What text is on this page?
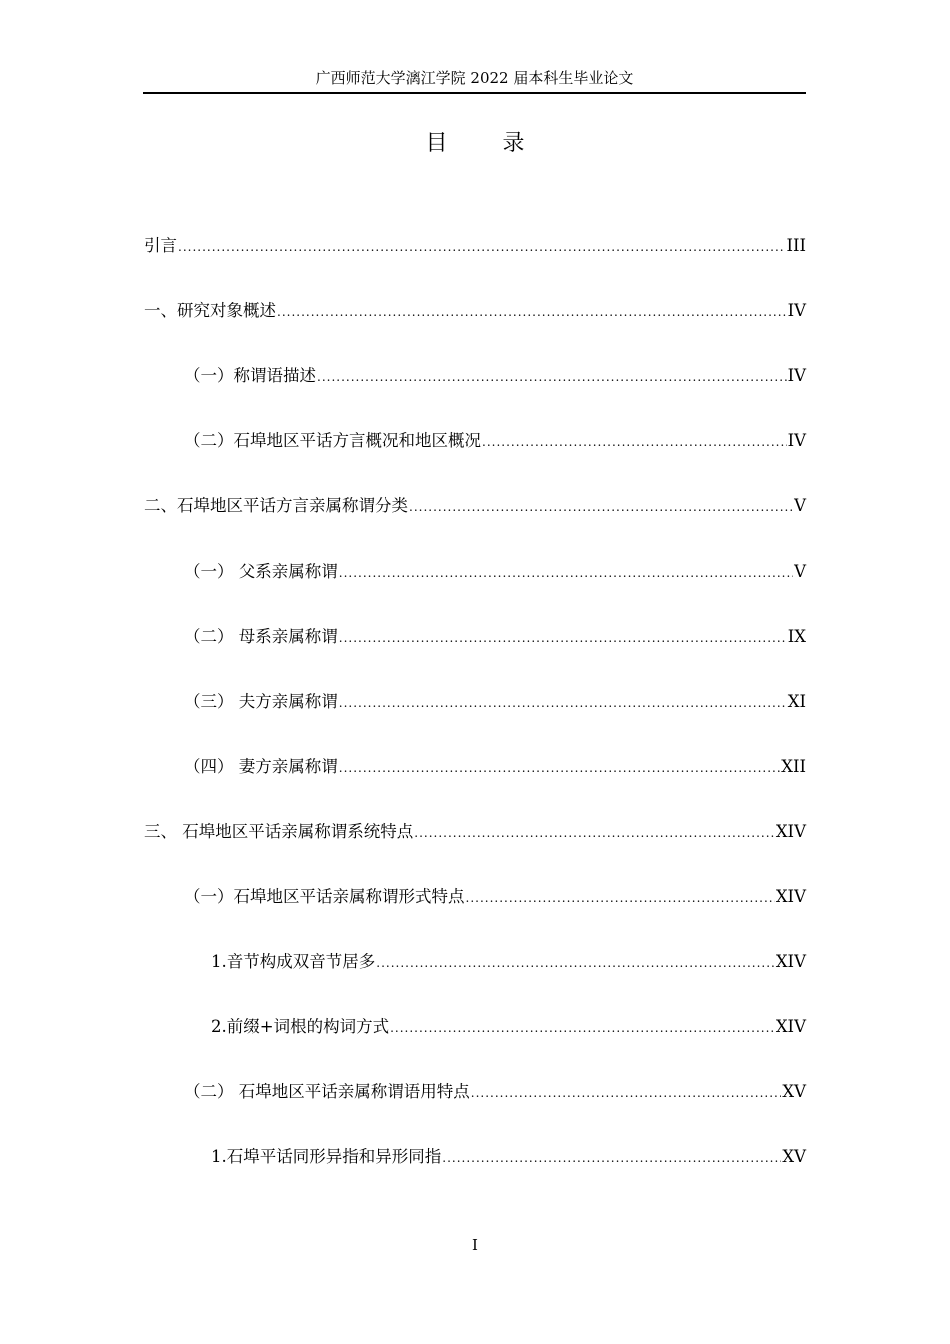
广西师范大学漓江学院 2022 届本科生毕业论文
目 录
引言 .....	III
一、研究对象概述 .....	IV
（一）称谓语描述 .....	IV
（二）石埠地区平话方言概况和地区概况 .....	IV
二、石埠地区平话方言亲属称谓分类 .....	V
（一） 父系亲属称谓 .....	V
（二） 母系亲属称谓 .....	IX
（三） 夫方亲属称谓 .....	XI
（四） 妻方亲属称谓 .....	XII
三、 石埠地区平话亲属称谓系统特点 .....	XIV
（一）石埠地区平话亲属称谓形式特点 .....	XIV
1.音节构成双音节居多 .....	XIV
2.前缀+词根的构词方式 .....	XIV
（二） 石埠地区平话亲属称谓语用特点 .....	XV
1.石埠平话同形异指和异形同指 .....	XV
I
